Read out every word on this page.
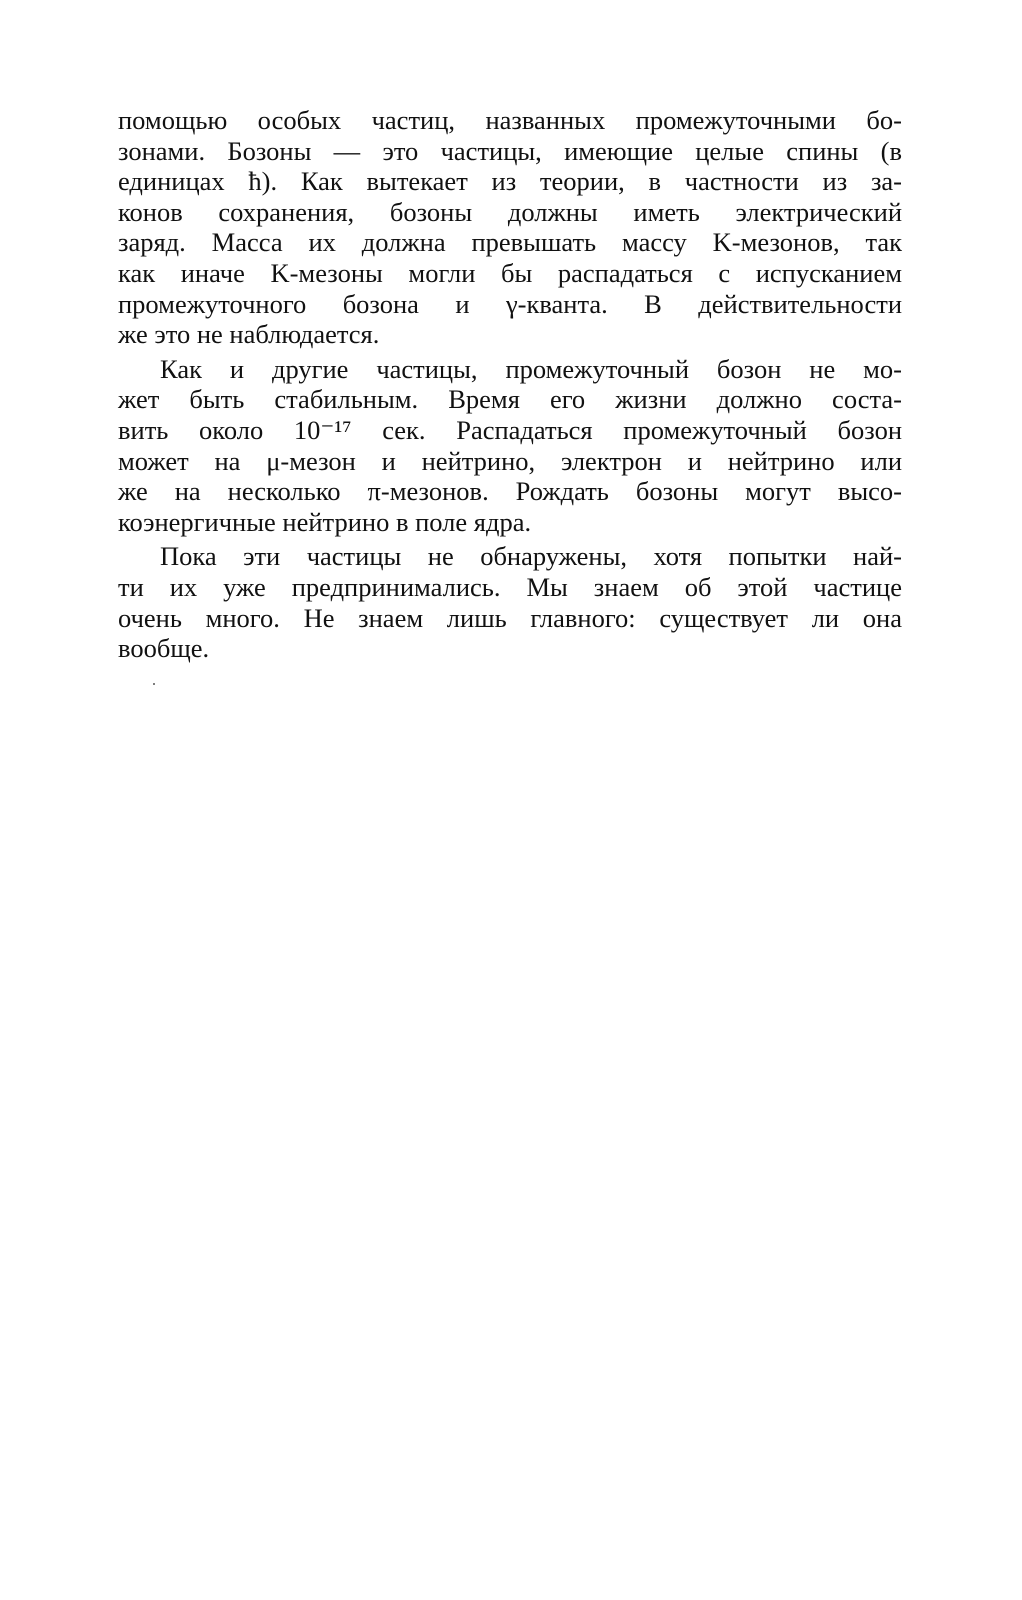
помощью особых частиц, названных промежуточными бо-
зонами. Бозоны — это частицы, имеющие целые спины (в
единицах ħ). Как вытекает из теории, в частности из за-
конов сохранения, бозоны должны иметь электрический
заряд. Масса их должна превышать массу K-мезонов, так
как иначе K-мезоны могли бы распадаться с испусканием
промежуточного бозона и γ-кванта. В действительности
же это не наблюдается.
Как и другие частицы, промежуточный бозон не мо-
жет быть стабильным. Время его жизни должно соста-
вить около 10⁻¹⁷ сек. Распадаться промежуточный бозон
может на μ-мезон и нейтрино, электрон и нейтрино или
же на несколько π-мезонов. Рождать бозоны могут высо-
коэнергичные нейтрино в поле ядра.
Пока эти частицы не обнаружены, хотя попытки най-
ти их уже предпринимались. Мы знаем об этой частице
очень много. Не знаем лишь главного: существует ли она
вообще.
